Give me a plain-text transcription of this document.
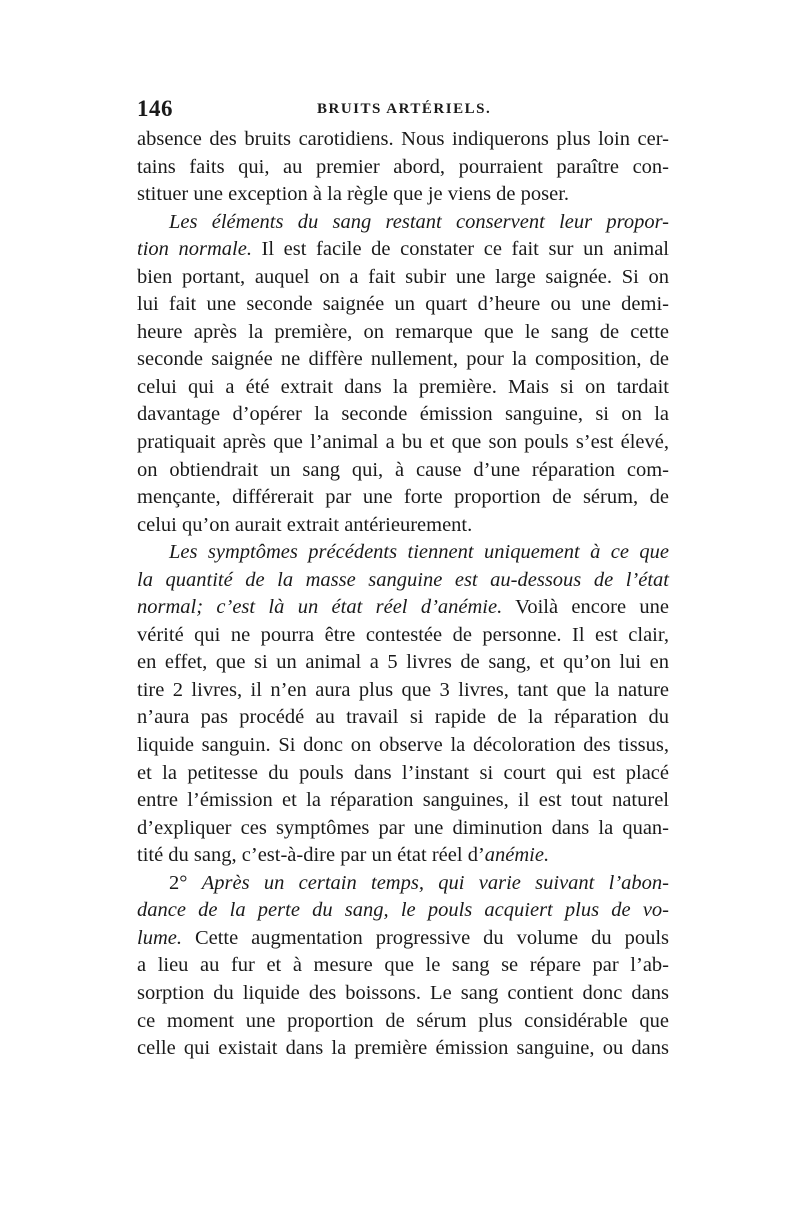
146	BRUITS ARTÉRIELS.
absence des bruits carotidiens. Nous indiquerons plus loin cer-
tains faits qui, au premier abord, pourraient paraître con-
stituer une exception à la règle que je viens de poser.
Les éléments du sang restant conservent leur propor-
tion normale. Il est facile de constater ce fait sur un animal
bien portant, auquel on a fait subir une large saignée. Si on
lui fait une seconde saignée un quart d’heure ou une demi-
heure après la première, on remarque que le sang de cette
seconde saignée ne diffère nullement, pour la composition, de
celui qui a été extrait dans la première. Mais si on tardait
davantage d’opérer la seconde émission sanguine, si on la
pratiquait après que l’animal a bu et que son pouls s’est élevé,
on obtiendrait un sang qui, à cause d’une réparation com-
mençante, différerait par une forte proportion de sérum, de
celui qu’on aurait extrait antérieurement.
Les symptômes précédents tiennent uniquement à ce que
la quantité de la masse sanguine est au-dessous de l’état
normal; c’est là un état réel d’anémie. Voilà encore une
vérité qui ne pourra être contestée de personne. Il est clair,
en effet, que si un animal a 5 livres de sang, et qu’on lui en
tire 2 livres, il n’en aura plus que 3 livres, tant que la nature
n’aura pas procédé au travail si rapide de la réparation du
liquide sanguin. Si donc on observe la décoloration des tissus,
et la petitesse du pouls dans l’instant si court qui est placé
entre l’émission et la réparation sanguines, il est tout naturel
d’expliquer ces symptômes par une diminution dans la quan-
tité du sang, c’est-à-dire par un état réel d’anémie.
2° Après un certain temps, qui varie suivant l’abon-
dance de la perte du sang, le pouls acquiert plus de vo-
lume. Cette augmentation progressive du volume du pouls
a lieu au fur et à mesure que le sang se répare par l’ab-
sorption du liquide des boissons. Le sang contient donc dans
ce moment une proportion de sérum plus considérable que
celle qui existait dans la première émission sanguine, ou dans
